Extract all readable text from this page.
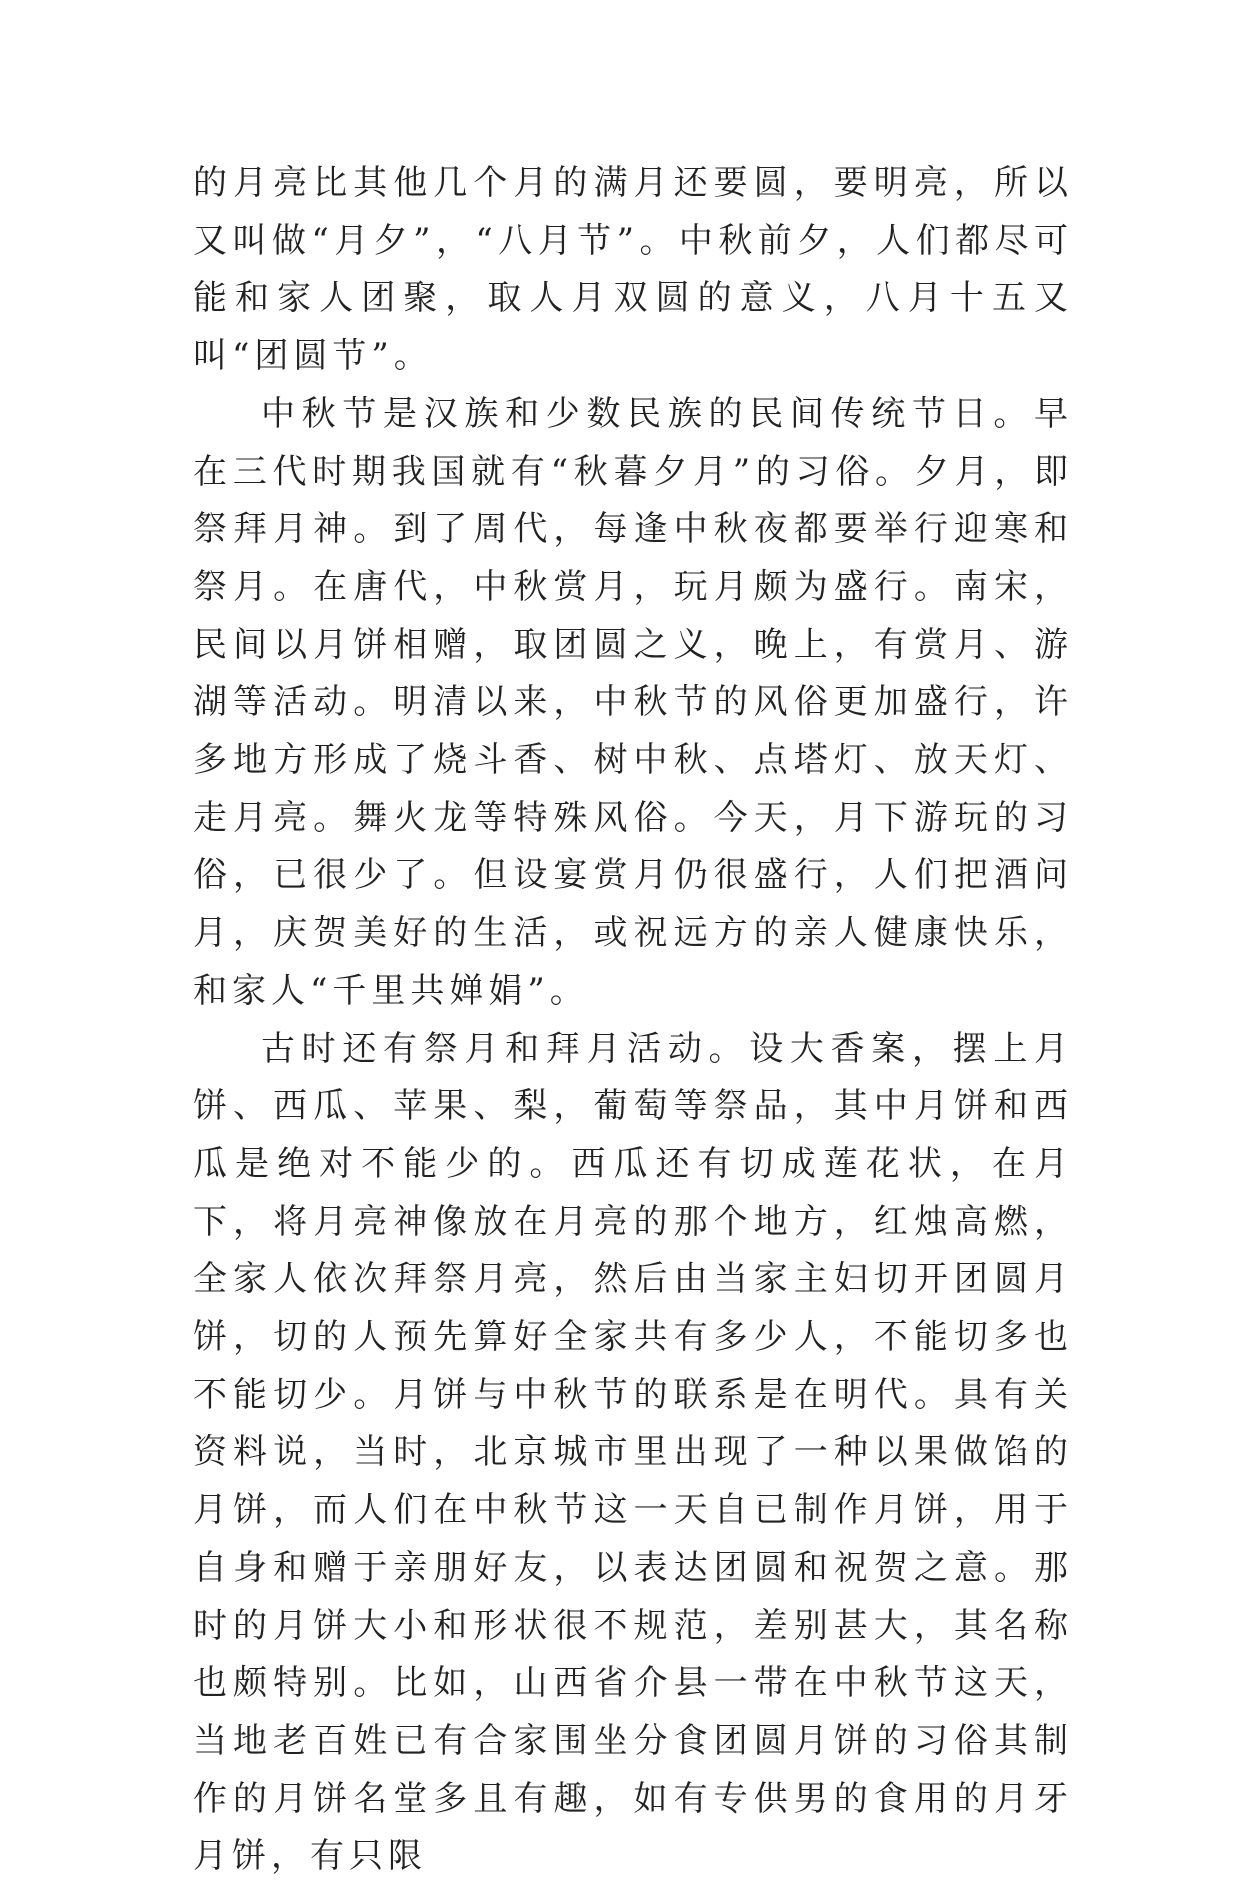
的月亮比其他几个月的满月还要圆，要明亮，所以又叫做“月夕”，“八月节”。中秋前夕，人们都尽可能和家人团聚，取人月双圆的意义，八月十五又叫“团圆节”。

中秋节是汉族和少数民族的民间传统节日。早在三代时期我国就有“秋暮夕月”的习俗。夕月，即祭拜月神。到了周代，每逢中秋夜都要举行迎寒和祭月。在唐代，中秋赏月，玩月颇为盛行。南宋，民间以月饼相赠，取团圆之义，晚上，有赏月、游湖等活动。明清以来，中秋节的风俗更加盛行，许多地方形成了烧斗香、树中秋、点塔灯、放天灯、走月亮。舞火龙等特殊风俗。今天，月下游玩的习俗，已很少了。但设宴赏月仍很盛行，人们把酒问月，庆贺美好的生活，或祝远方的亲人健康快乐，和家人“千里共婵娟”。

古时还有祭月和拜月活动。设大香案，摆上月饼、西瓜、苹果、梨，葡萄等祭品，其中月饼和西瓜是绝对不能少的。西瓜还有切成莲花状，在月下，将月亮神像放在月亮的那个地方，红烛高燃，全家人依次拜祭月亮，然后由当家主妇切开团圆月饼，切的人预先算好全家共有多少人，不能切多也不能切少。月饼与中秋节的联系是在明代。具有关资料说，当时，北京城市里出现了一种以果做馅的月饼，而人们在中秋节这一天自已制作月饼，用于自身和赠于亲朋好友，以表达团圆和祝贺之意。那时的月饼大小和形状很不规范，差别甚大，其名称也颇特别。比如，山西省介县一带在中秋节这天，当地老百姓已有合家围坐分食团圆月饼的习俗其制作的月饼名堂多且有趣，如有专供男的食用的月牙月饼，有只限
